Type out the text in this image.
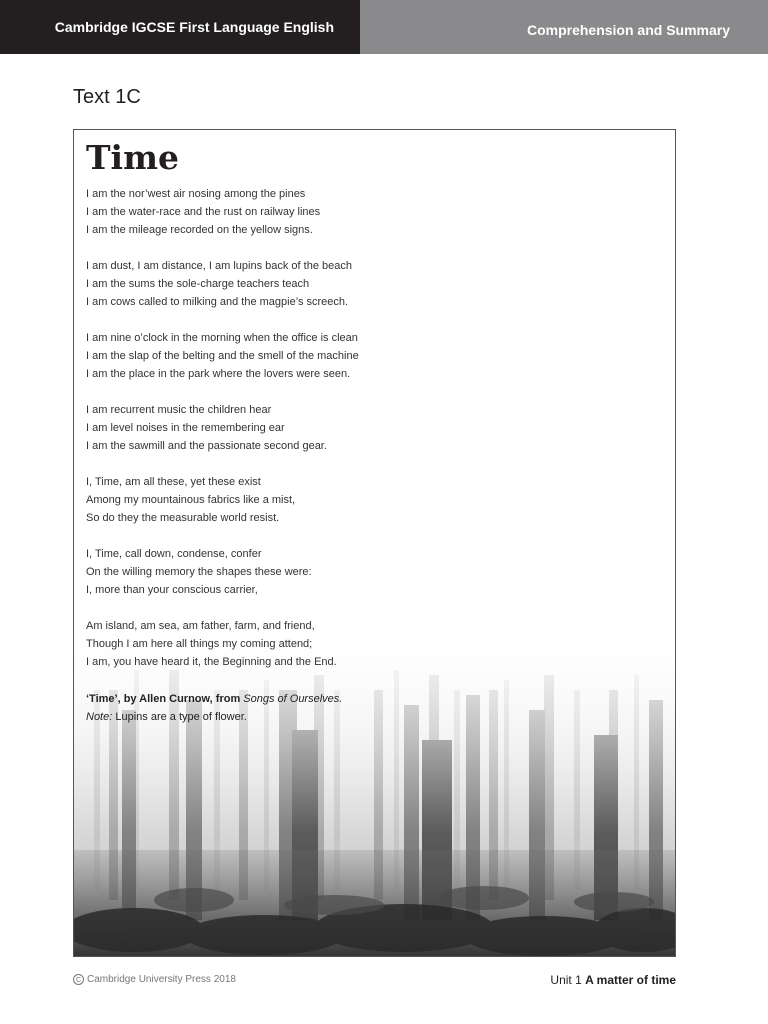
Cambridge IGCSE First Language English	Comprehension and Summary
Text 1C
Time
I am the nor’west air nosing among the pines
I am the water-race and the rust on railway lines
I am the mileage recorded on the yellow signs.
I am dust, I am distance, I am lupins back of the beach
I am the sums the sole-charge teachers teach
I am cows called to milking and the magpie’s screech.
I am nine o’clock in the morning when the office is clean
I am the slap of the belting and the smell of the machine
I am the place in the park where the lovers were seen.
I am recurrent music the children hear
I am level noises in the remembering ear
I am the sawmill and the passionate second gear.
I, Time, am all these, yet these exist
Among my mountainous fabrics like a mist,
So do they the measurable world resist.
I, Time, call down, condense, confer
On the willing memory the shapes these were:
I, more than your conscious carrier,
Am island, am sea, am father, farm, and friend,
Though I am here all things my coming attend;
I am, you have heard it, the Beginning and the End.
‘Time’, by Allen Curnow, from Songs of Ourselves.
Note: Lupins are a type of flower.
C Cambridge University Press 2018	Unit 1 A matter of time
